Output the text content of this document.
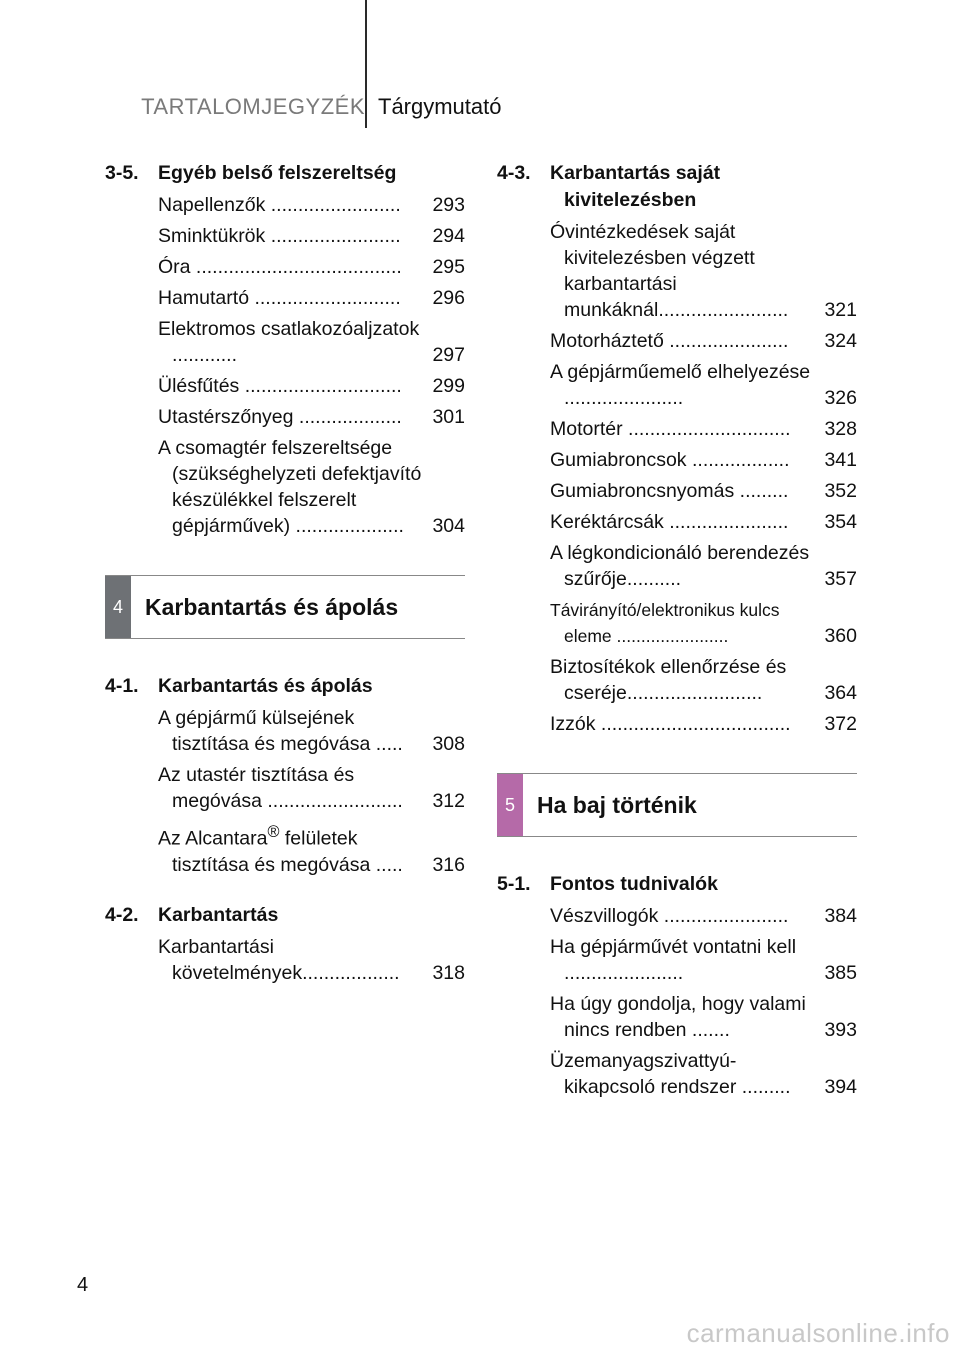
TARTALOMJEGYZÉK Tárgymutató
3-5. Egyéb belső felszereltség
Napellenzők ........................	293
Sminktükrök ........................	294
Óra ......................................	295
Hamutartó ...........................	296
Elektromos csatlakozóaljzatok ............	297
Ülésfűtés .............................	299
Utastérszőnyeg ...................	301
A csomagtér felszereltsége (szükséghelyzeti defektjavító készülékkel felszerelt gépjárművek) ....................	304
4 Karbantartás és ápolás
4-1. Karbantartás és ápolás
A gépjármű külsejének tisztítása és megóvása .....	308
Az utastér tisztítása és megóvása .........................	312
Az Alcantara® felületek tisztítása és megóvása .....	316
4-2. Karbantartás
Karbantartási követelmények..................	318
4-3. Karbantartás saját kivitelezésben
Óvintézkedések saját kivitelezésben végzett karbantartási munkáknál........................	321
Motorháztető ......................	324
A gépjárműemelő elhelyezése ......................	326
Motortér ..............................	328
Gumiabroncsok ..................	341
Gumiabroncsnyomás .........	352
Keréktárcsák ......................	354
A légkondicionáló berendezés szűrője..........	357
Távirányító/elektronikus kulcs eleme .......................	360
Biztosítékok ellenőrzése és cseréje.........................	364
Izzók ...................................	372
5 Ha baj történik
5-1. Fontos tudnivalók
Vészvillogók .......................	384
Ha gépjárművét vontatni kell ......................	385
Ha úgy gondolja, hogy valami nincs rendben .......	393
Üzemanyagszivattyú-kikapcsoló rendszer .........	394
4
carmanualsonline.info
